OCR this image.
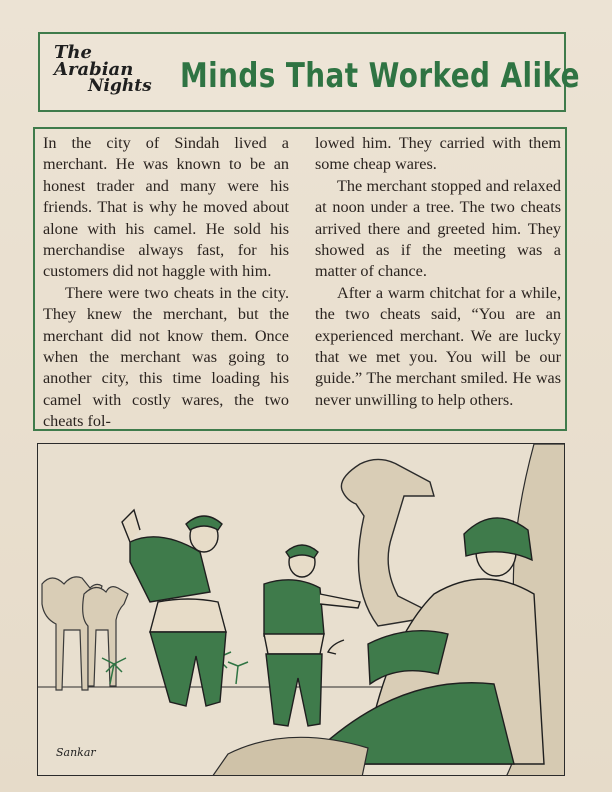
The Arabian
Nights Minds That Worked Alike

In the city of Sindah lived a merchant. He was known to be an honest trader and many were his friends. That is why he moved about alone with his camel. He sold his merchandise always fast, for his customers did not haggle with him.

There were two cheats in the city. They knew the merchant, but the merchant did not know them. Once when the merchant was going to another city, this time loading his camel with costly wares, the two cheats fol-

lowed him. They carried with them some cheap wares.

The merchant stopped and relaxed at noon under a tree. The two cheats arrived there and greeted him. They showed as if the meeting was a matter of chance.

After a warm chitchat for a while, the two cheats said, “You are an experienced merchant. We are lucky that we met you. You will be our guide.” The merchant smiled. He was never unwilling to help others.

Sankar
